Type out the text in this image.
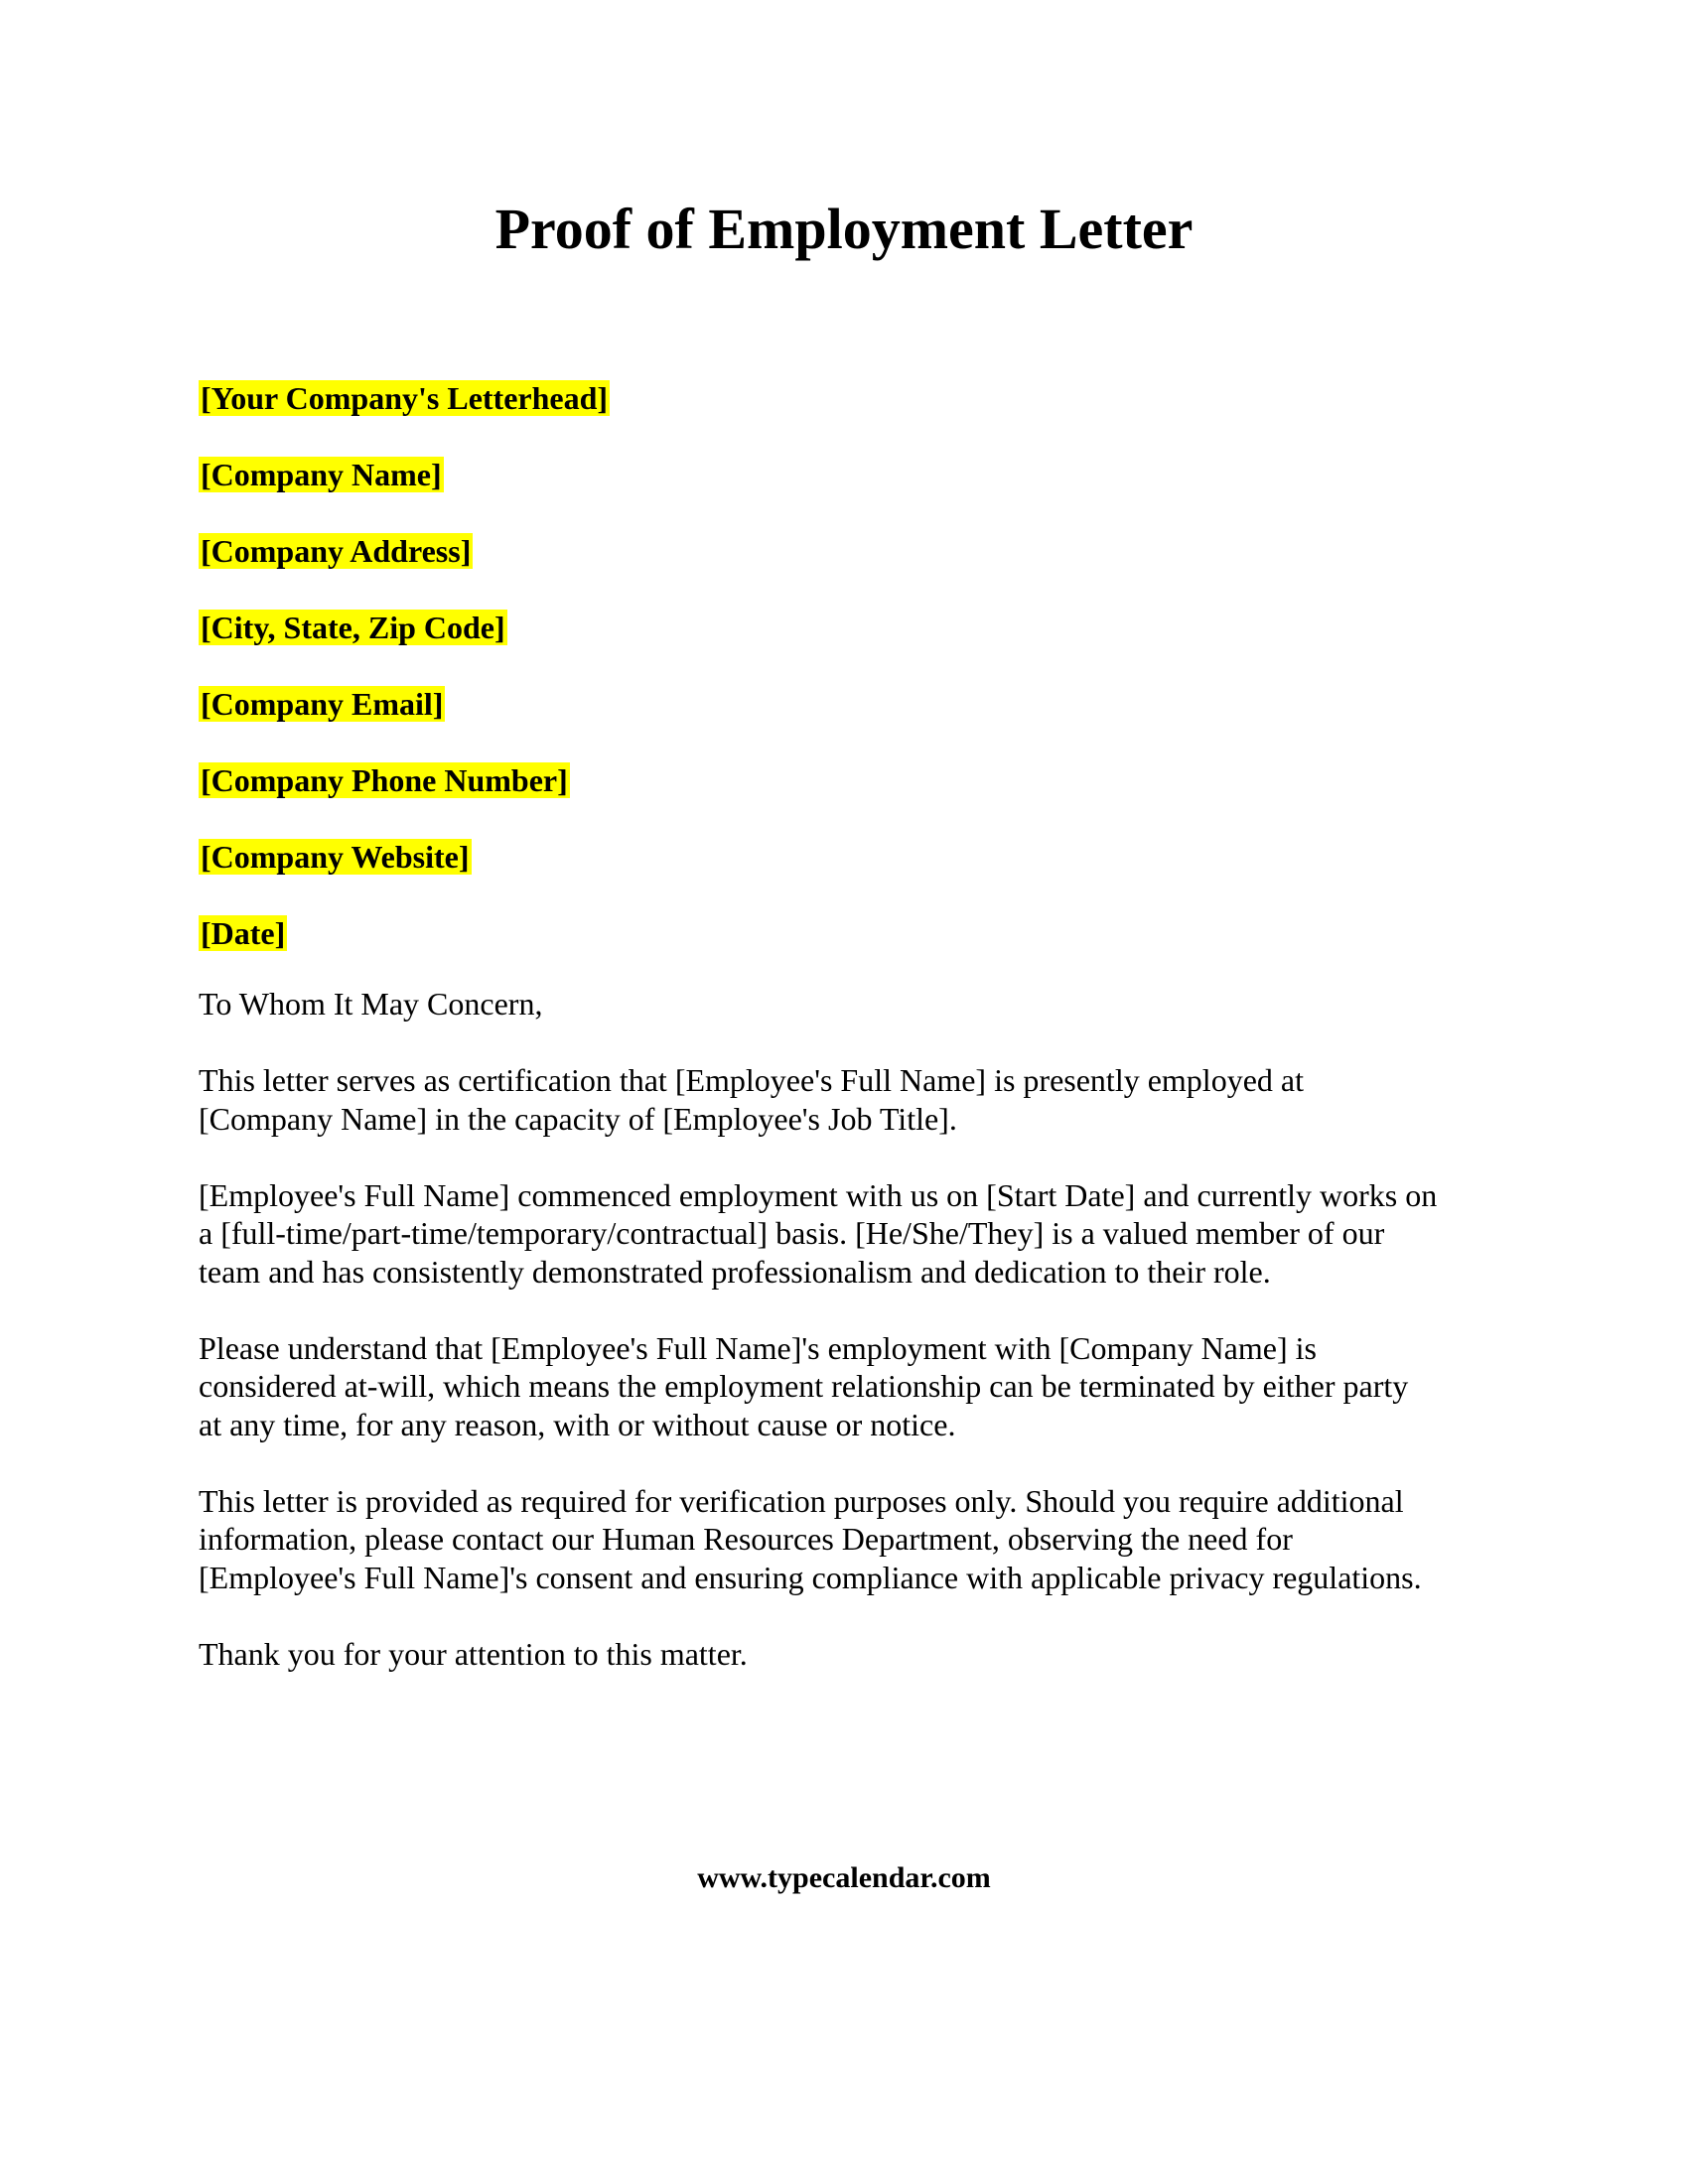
Proof of Employment Letter
[Your Company's Letterhead]
[Company Name]
[Company Address]
[City, State, Zip Code]
[Company Email]
[Company Phone Number]
[Company Website]
[Date]

To Whom It May Concern,

This letter serves as certification that [Employee's Full Name] is presently employed at
[Company Name] in the capacity of [Employee's Job Title].

[Employee's Full Name] commenced employment with us on [Start Date] and currently works on
a [full-time/part-time/temporary/contractual] basis. [He/She/They] is a valued member of our
team and has consistently demonstrated professionalism and dedication to their role.

Please understand that [Employee's Full Name]'s employment with [Company Name] is
considered at-will, which means the employment relationship can be terminated by either party
at any time, for any reason, with or without cause or notice.

This letter is provided as required for verification purposes only. Should you require additional
information, please contact our Human Resources Department, observing the need for
[Employee's Full Name]'s consent and ensuring compliance with applicable privacy regulations.

Thank you for your attention to this matter.

www.typecalendar.com
